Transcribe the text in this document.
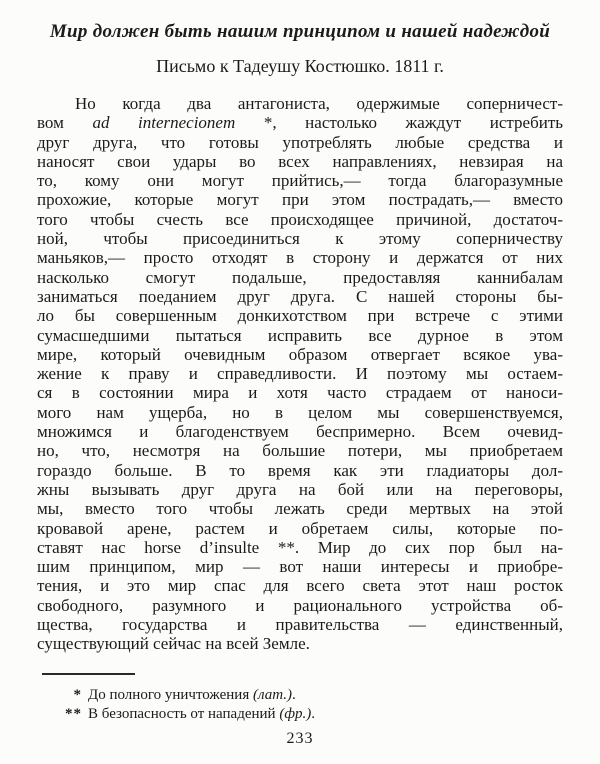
Мир должен быть нашим принципом и нашей надеждой
Письмо к Тадеушу Костюшко. 1811 г.
Но когда два антагониста, одержимые соперничест-
вом ad internecionem *, настолько жаждут истребить
друг друга, что готовы употреблять любые средства и
наносят свои удары во всех направлениях, невзирая на
то, кому они могут прийтись,— тогда благоразумные
прохожие, которые могут при этом пострадать,— вместо
того чтобы счесть все происходящее причиной, достаточ-
ной, чтобы присоединиться к этому соперничеству
маньяков,— просто отходят в сторону и держатся от них
насколько смогут подальше, предоставляя каннибалам
заниматься поеданием друг друга. С нашей стороны бы-
ло бы совершенным донкихотством при встрече с этими
сумасшедшими пытаться исправить все дурное в этом
мире, который очевидным образом отвергает всякое ува-
жение к праву и справедливости. И поэтому мы остаем-
ся в состоянии мира и хотя часто страдаем от наноси-
мого нам ущерба, но в целом мы совершенствуемся,
множимся и благоденствуем беспримерно. Всем очевид-
но, что, несмотря на большие потери, мы приобретаем
гораздо больше. В то время как эти гладиаторы дол-
жны вызывать друг друга на бой или на переговоры,
мы, вместо того чтобы лежать среди мертвых на этой
кровавой арене, растем и обретаем силы, которые по-
ставят нас horse d’insulte **. Мир до сих пор был на-
шим принципом, мир — вот наши интересы и приобре-
тения, и это мир спас для всего света этот наш росток
свободного, разумного и рационального устройства об-
щества, государства и правительства — единственный,
существующий сейчас на всей Земле.
* До полного уничтожения (лат.).
** В безопасность от нападений (фр.).
233
